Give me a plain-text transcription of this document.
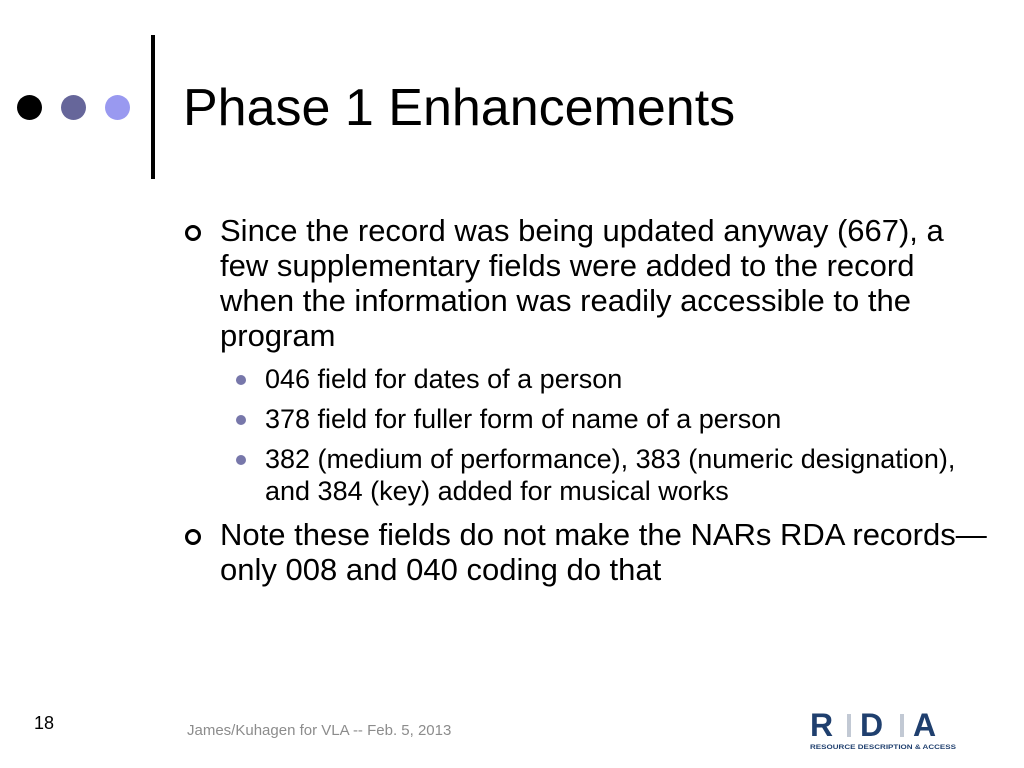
Phase 1 Enhancements
Since the record was being updated anyway (667), a few supplementary fields were added to the record when the information was readily accessible to the program
046 field for dates of a person
378 field for fuller form of name of a person
382 (medium of performance), 383 (numeric designation), and 384 (key) added for musical works
Note these fields do not make the NARs RDA records—only 008 and 040 coding do that
18	James/Kuhagen for VLA -- Feb. 5, 2013	R D A
RESOURCE DESCRIPTION & ACCESS
